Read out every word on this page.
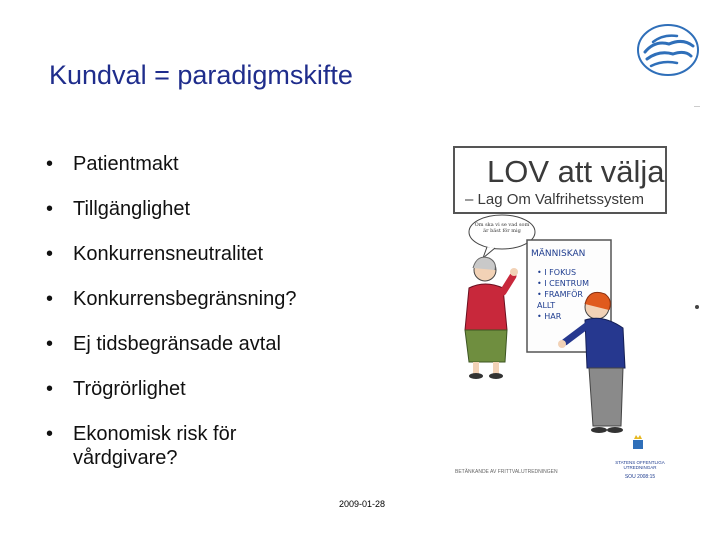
Kundval = paradigmskifte
• Patientmakt
• Tillgänglighet
• Konkurrensneutralitet
• Konkurrensbegränsning?
• Ej tidsbegränsade avtal
• Trögrörlighet
• Ekonomisk risk för vårdgivare?
LOV att välja
– Lag Om Valfrihetssystem
Om ska vi se vad som är bäst för mig
MÄNNISKAN
• I FOKUS
• I CENTRUM
• FRAMFÖR
ALLT
• HAR
BETÄNKANDE AV FRITTVALUTREDNINGEN
STATENS OFFENTLIGA UTREDNINGAR
SOU 2008:15
2009-01-28
